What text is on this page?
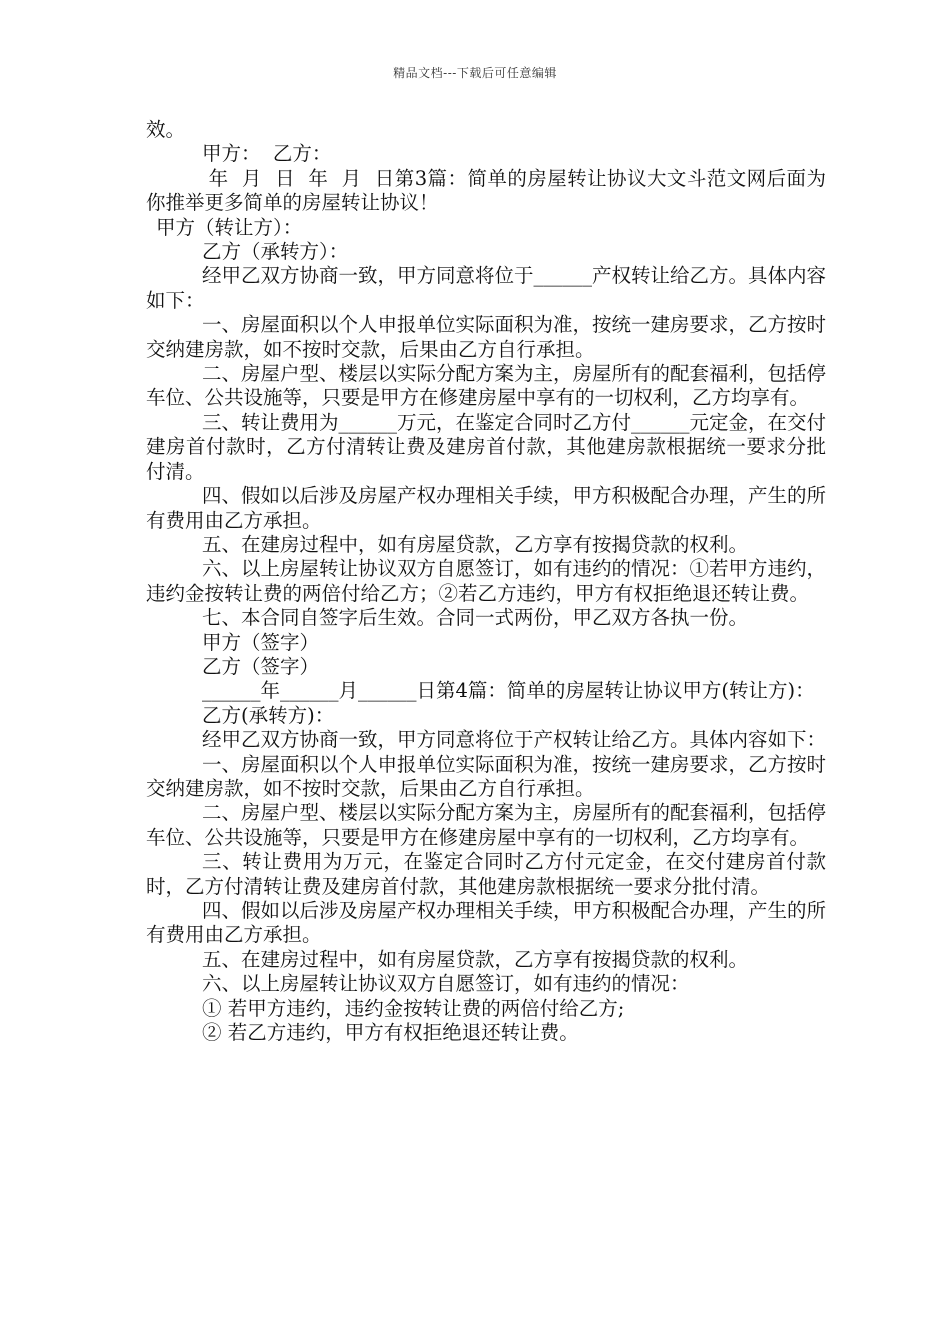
精品文档---下载后可任意编辑

效。

甲方：  乙方：

年  月  日  年  月  日第3篇：简单的房屋转让协议大文斗范文网后面为你推举更多简单的房屋转让协议！

甲方（转让方）：

乙方（承转方）：

经甲乙双方协商一致，甲方同意将位于______产权转让给乙方。具体内容如下：

一、房屋面积以个人申报单位实际面积为准，按统一建房要求，乙方按时交纳建房款，如不按时交款，后果由乙方自行承担。

二、房屋户型、楼层以实际分配方案为主，房屋所有的配套福利，包括停车位、公共设施等，只要是甲方在修建房屋中享有的一切权利，乙方均享有。

三、转让费用为______万元，在鉴定合同时乙方付______元定金，在交付建房首付款时，乙方付清转让费及建房首付款，其他建房款根据统一要求分批付清。

四、假如以后涉及房屋产权办理相关手续，甲方积极配合办理，产生的所有费用由乙方承担。

五、在建房过程中，如有房屋贷款，乙方享有按揭贷款的权利。

六、以上房屋转让协议双方自愿签订，如有违约的情况：①若甲方违约，违约金按转让费的两倍付给乙方；②若乙方违约，甲方有权拒绝退还转让费。

七、本合同自签字后生效。合同一式两份，甲乙双方各执一份。

甲方（签字）

乙方（签字）

______年______月______日第4篇：简单的房屋转让协议甲方(转让方)：

乙方(承转方)：

经甲乙双方协商一致，甲方同意将位于产权转让给乙方。具体内容如下：

一、房屋面积以个人申报单位实际面积为准，按统一建房要求，乙方按时交纳建房款，如不按时交款，后果由乙方自行承担。

二、房屋户型、楼层以实际分配方案为主，房屋所有的配套福利，包括停车位、公共设施等，只要是甲方在修建房屋中享有的一切权利，乙方均享有。

三、转让费用为万元，在鉴定合同时乙方付元定金，在交付建房首付款时，乙方付清转让费及建房首付款，其他建房款根据统一要求分批付清。

四、假如以后涉及房屋产权办理相关手续，甲方积极配合办理，产生的所有费用由乙方承担。

五、在建房过程中，如有房屋贷款，乙方享有按揭贷款的权利。

六、以上房屋转让协议双方自愿签订，如有违约的情况：

① 若甲方违约，违约金按转让费的两倍付给乙方;

② 若乙方违约，甲方有权拒绝退还转让费。
